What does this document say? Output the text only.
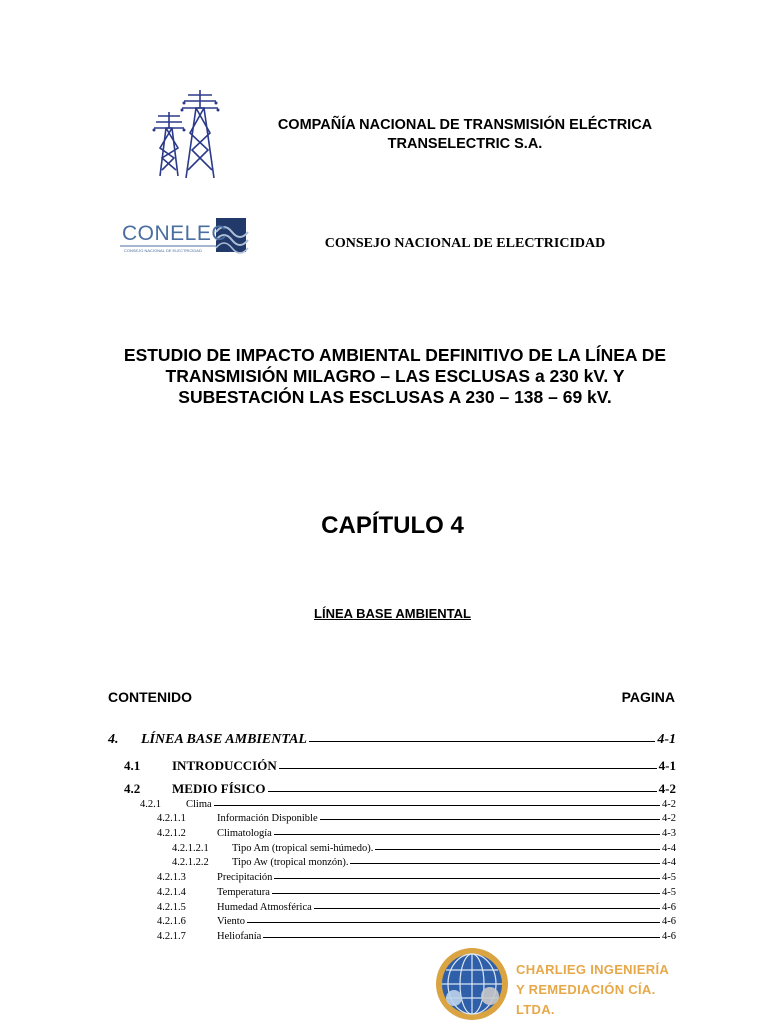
COMPAÑÍA NACIONAL DE TRANSMISIÓN ELÉCTRICA
TRANSELECTRIC S.A.
CONELEC
CONSEJO NACIONAL DE ELECTRICIDAD	CONSEJO NACIONAL DE ELECTRICIDAD
ESTUDIO DE IMPACTO AMBIENTAL DEFINITIVO DE LA LÍNEA DE
TRANSMISIÓN MILAGRO – LAS ESCLUSAS a 230 kV. Y
SUBESTACIÓN LAS ESCLUSAS A 230 – 138 – 69 kV.
CAPÍTULO 4
LÍNEA BASE AMBIENTAL
CONTENIDO	PAGINA
4.	LÍNEA BASE AMBIENTAL	4-1
4.1	INTRODUCCIÓN	4-1
4.2	MEDIO FÍSICO	4-2
4.2.1	Clima	4-2
4.2.1.1	Información Disponible	4-2
4.2.1.2	Climatología	4-3
4.2.1.2.1	Tipo Am (tropical semi-húmedo).	4-4
4.2.1.2.2	Tipo Aw (tropical monzón).	4-4
4.2.1.3	Precipitación	4-5
4.2.1.4	Temperatura	4-5
4.2.1.5	Humedad Atmosférica	4-6
4.2.1.6	Viento	4-6
4.2.1.7	Heliofanía	4-6
CHARLIEG INGENIERÍA
Y REMEDIACIÓN CÍA. LTDA.
